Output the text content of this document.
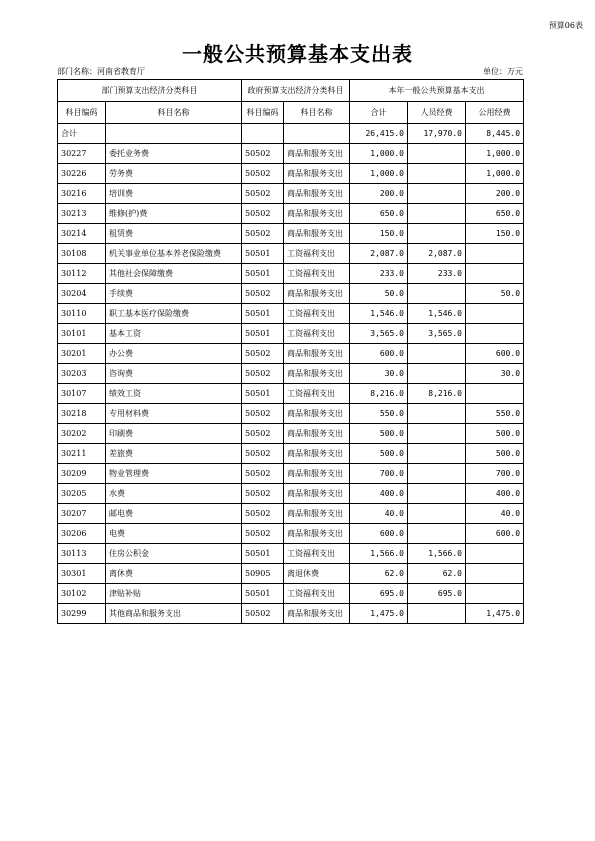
预算06表
一般公共预算基本支出表
部门名称：河南省教育厅	单位：万元
部门预算支出经济分类科目		政府预算支出经济分类科目		本年一般公共预算基本支出		
科目编码	科目名称	科目编码	科目名称	合计	人员经费	公用经费
合计				26,415.0	17,970.0	8,445.0
30227	委托业务费	50502	商品和服务支出	1,000.0		1,000.0
30226	劳务费	50502	商品和服务支出	1,000.0		1,000.0
30216	培训费	50502	商品和服务支出	200.0		200.0
30213	维修(护)费	50502	商品和服务支出	650.0		650.0
30214	租赁费	50502	商品和服务支出	150.0		150.0
30108	机关事业单位基本养老保险缴费	50501	工资福利支出	2,087.0	2,087.0	
30112	其他社会保障缴费	50501	工资福利支出	233.0	233.0	
30204	手续费	50502	商品和服务支出	50.0		50.0
30110	职工基本医疗保险缴费	50501	工资福利支出	1,546.0	1,546.0	
30101	基本工资	50501	工资福利支出	3,565.0	3,565.0	
30201	办公费	50502	商品和服务支出	600.0		600.0
30203	咨询费	50502	商品和服务支出	30.0		30.0
30107	绩效工资	50501	工资福利支出	8,216.0	8,216.0	
30218	专用材料费	50502	商品和服务支出	550.0		550.0
30202	印刷费	50502	商品和服务支出	500.0		500.0
30211	差旅费	50502	商品和服务支出	500.0		500.0
30209	物业管理费	50502	商品和服务支出	700.0		700.0
30205	水费	50502	商品和服务支出	400.0		400.0
30207	邮电费	50502	商品和服务支出	40.0		40.0
30206	电费	50502	商品和服务支出	600.0		600.0
30113	住房公积金	50501	工资福利支出	1,566.0	1,566.0	
30301	离休费	50905	离退休费	62.0	62.0	
30102	津贴补贴	50501	工资福利支出	695.0	695.0	
30299	其他商品和服务支出	50502	商品和服务支出	1,475.0		1,475.0
